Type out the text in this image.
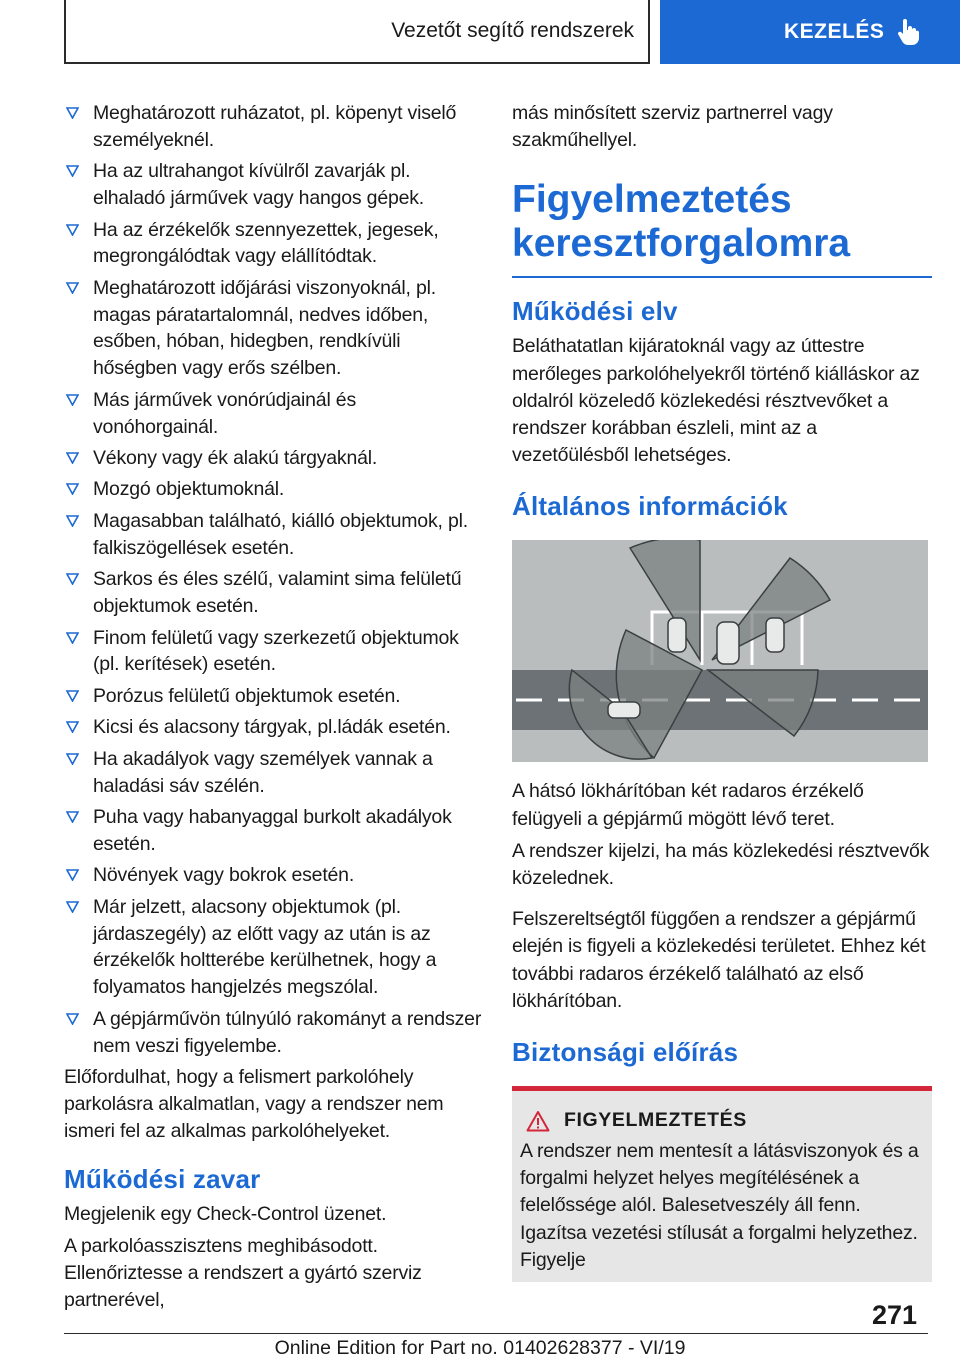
Vezetőt segítő rendszerek	KEZELÉS
Meghatározott ruházatot, pl. köpenyt viselő személyeknél.
Ha az ultrahangot kívülről zavarják pl. elhaladó járművek vagy hangos gépek.
Ha az érzékelők szennyezettek, jegesek, megrongálódtak vagy elállítódtak.
Meghatározott időjárási viszonyoknál, pl. magas páratartalomnál, nedves időben, esőben, hóban, hidegben, rendkívüli hőségben vagy erős szélben.
Más járművek vonórúdjainál és vonóhorgainál.
Vékony vagy ék alakú tárgyaknál.
Mozgó objektumoknál.
Magasabban található, kiálló objektumok, pl. falkiszögellések esetén.
Sarkos és éles szélű, valamint sima felületű objektumok esetén.
Finom felületű vagy szerkezetű objektumok (pl. kerítések) esetén.
Porózus felületű objektumok esetén.
Kicsi és alacsony tárgyak, pl.ládák esetén.
Ha akadályok vagy személyek vannak a haladási sáv szélén.
Puha vagy habanyaggal burkolt akadályok esetén.
Növények vagy bokrok esetén.
Már jelzett, alacsony objektumok (pl. járdaszegély) az előtt vagy az után is az érzékelők holtterébe kerülhetnek, hogy a folyamatos hangjelzés megszólal.
A gépjárművön túlnyúló rakományt a rendszer nem veszi figyelembe.

Előfordulhat, hogy a felismert parkolóhely parkolásra alkalmatlan, vagy a rendszer nem ismeri fel az alkalmas parkolóhelyeket.

Működési zavar

Megjelenik egy Check-Control üzenet.

A parkolóasszisztens meghibásodott. Ellenőriztesse a rendszert a gyártó szerviz partnerével,

más minősített szerviz partnerrel vagy szakműhellyel.

Figyelmeztetés keresztforgalomra
Működési elv

Beláthatatlan kijáratoknál vagy az úttestre merőleges parkolóhelyekről történő kiálláskor az oldalról közeledő közlekedési résztvevőket a rendszer korábban észleli, mint az a vezetőülésből lehetséges.

Általános információk

A hátsó lökhárítóban két radaros érzékelő felügyeli a gépjármű mögött lévő teret.

A rendszer kijelzi, ha más közlekedési résztvevők közelednek.

Felszereltségtől függően a rendszer a gépjármű elején is figyeli a közlekedési területet. Ehhez két további radaros érzékelő található az első lökhárítóban.

Biztonsági előírás
FIGYELMEZTETÉS

A rendszer nem mentesít a látásviszonyok és a forgalmi helyzet helyes megítélésének a felelőssége alól. Balesetveszély áll fenn. Igazítsa vezetési stílusát a forgalmi helyzethez. Figyelje

271
Online Edition for Part no. 01402628377 - VI/19
